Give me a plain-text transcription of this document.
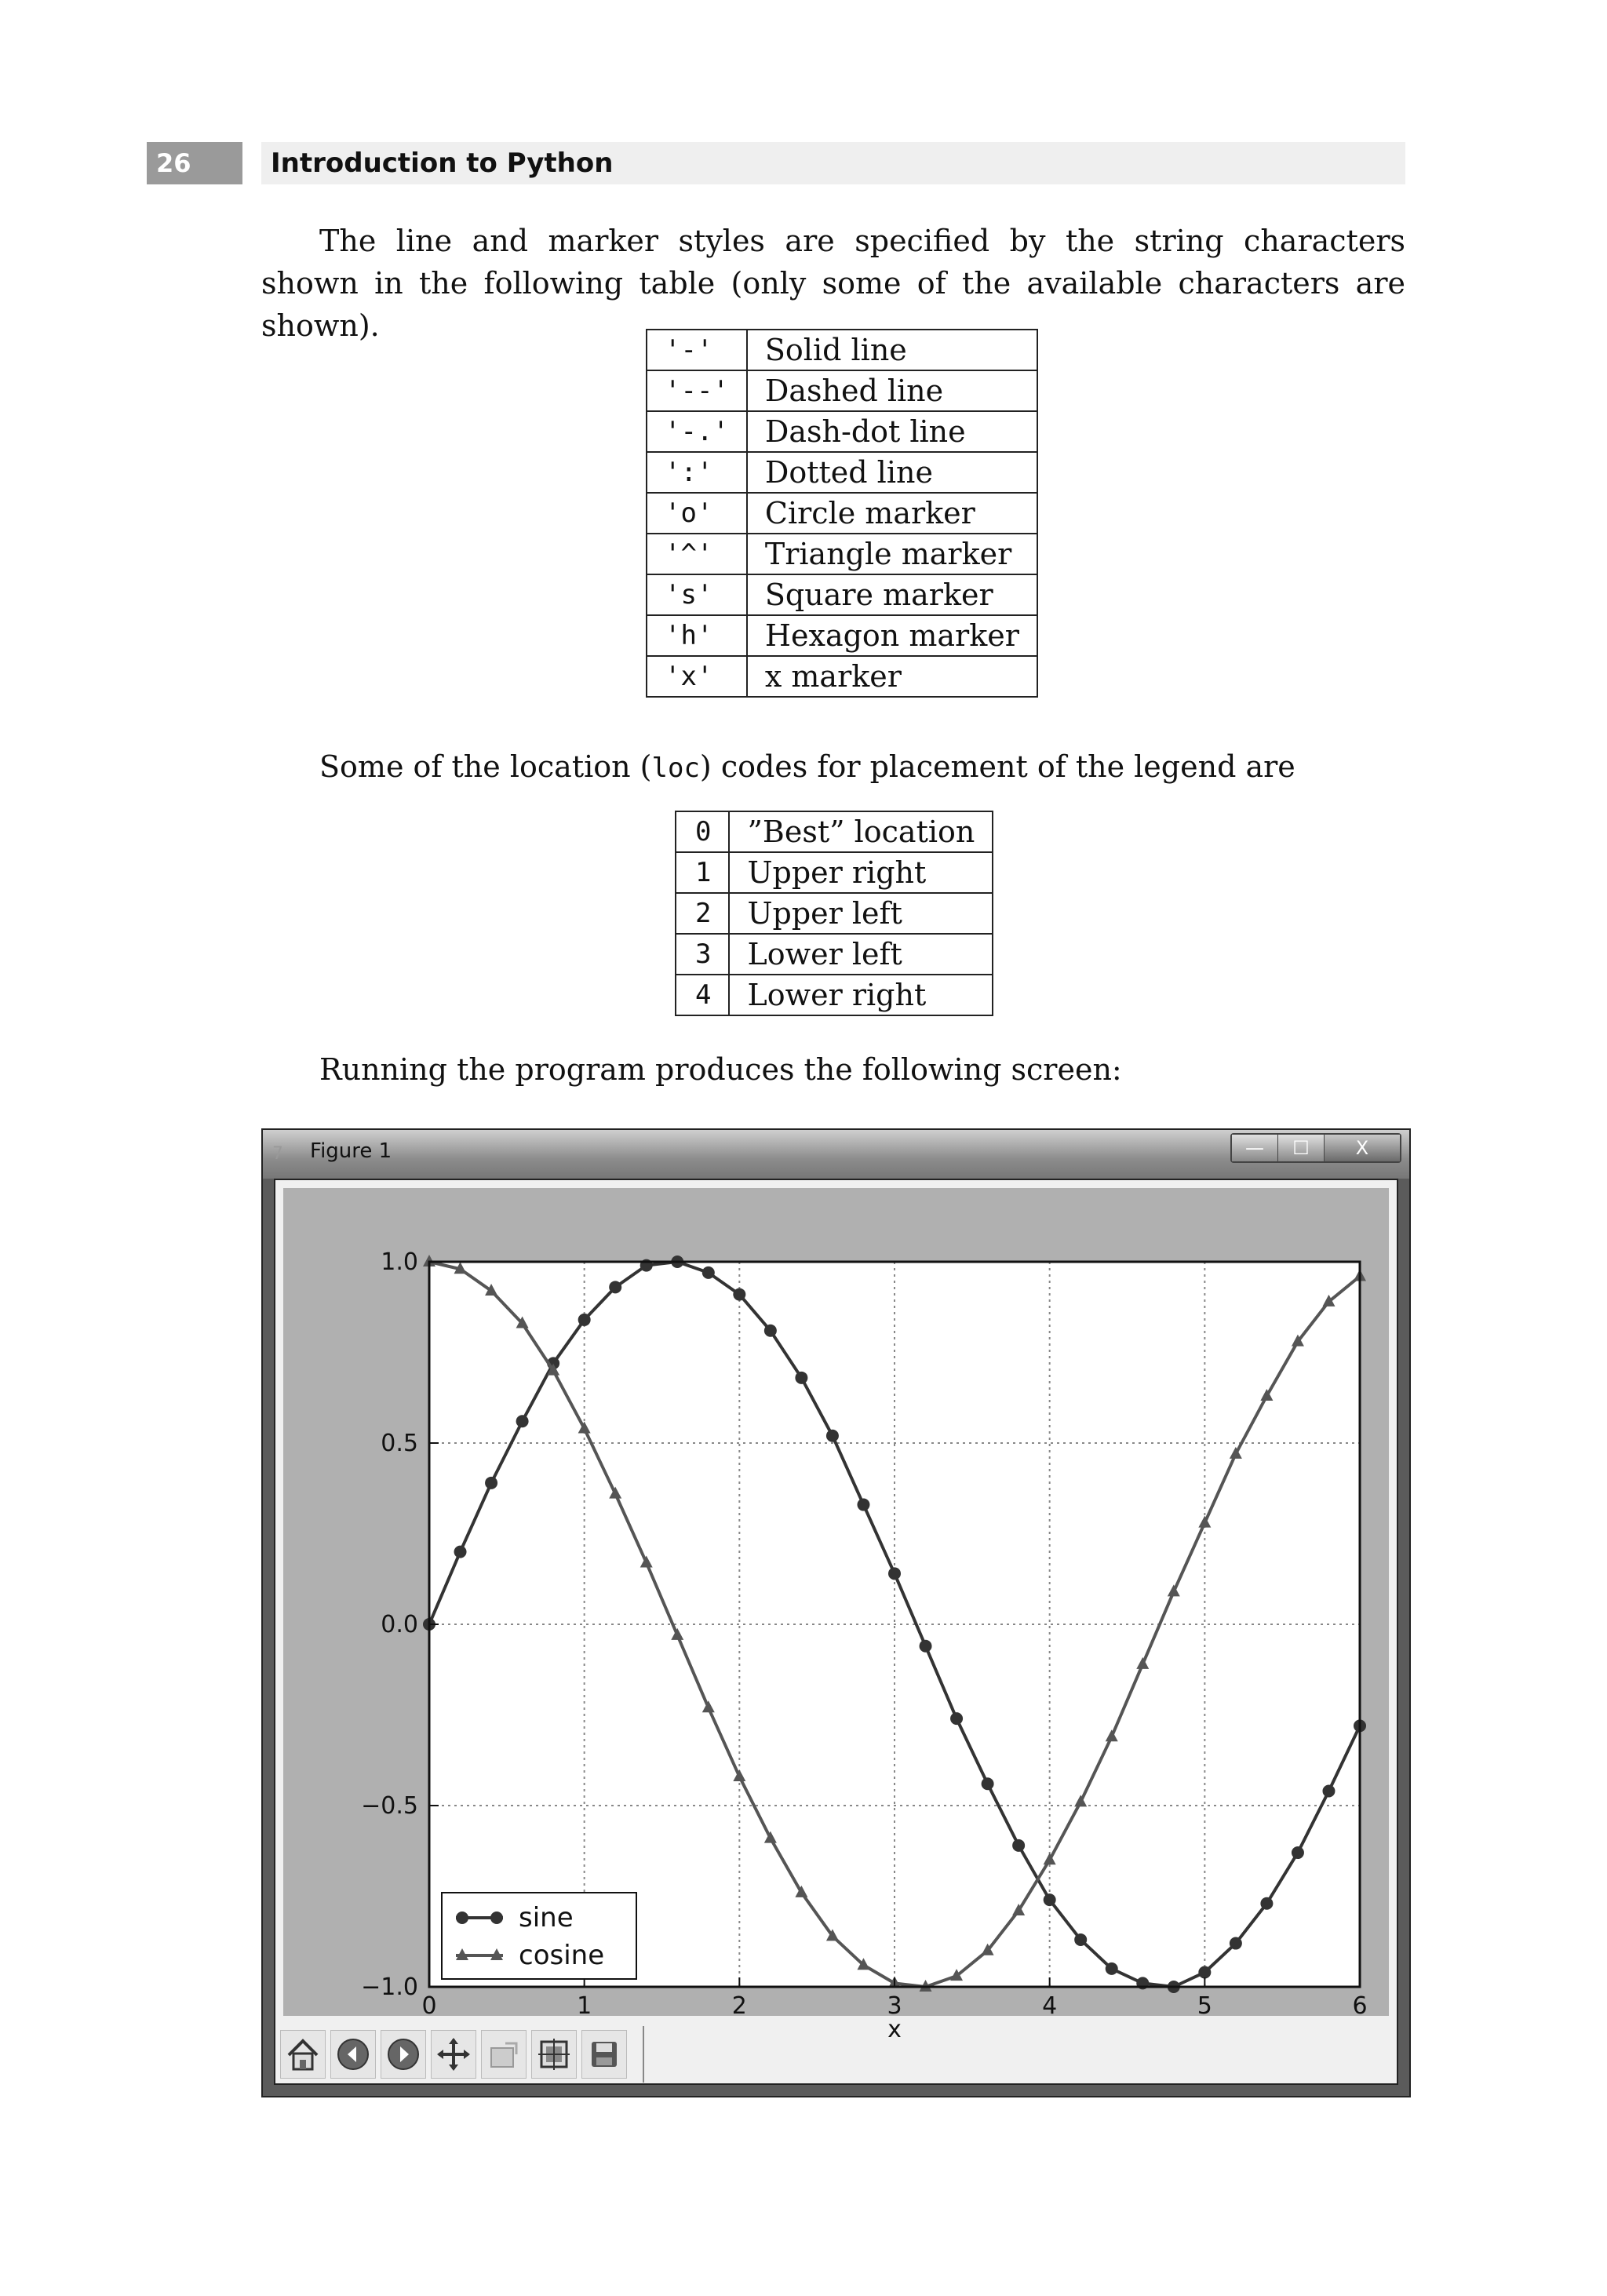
26	Introduction to Python

The line and marker styles are specified by the string characters shown in the following table (only some of the available characters are shown).

'-'	Solid line
'--'	Dashed line
'-.'	Dash-dot line
':'	Dotted line
'o'	Circle marker
'^'	Triangle marker
's'	Square marker
'h'	Hexagon marker
'x'	x marker

Some of the location (loc) codes for placement of the legend are

0	”Best” location
1	Upper right
2	Upper left
3	Lower left
4	Lower right

Running the program produces the following screen:

7	Figure 1	—	☐	X
0	1	2	3	4	5	6
1.0
0.5
0.0
−0.5
−1.0
x
sine
cosine
